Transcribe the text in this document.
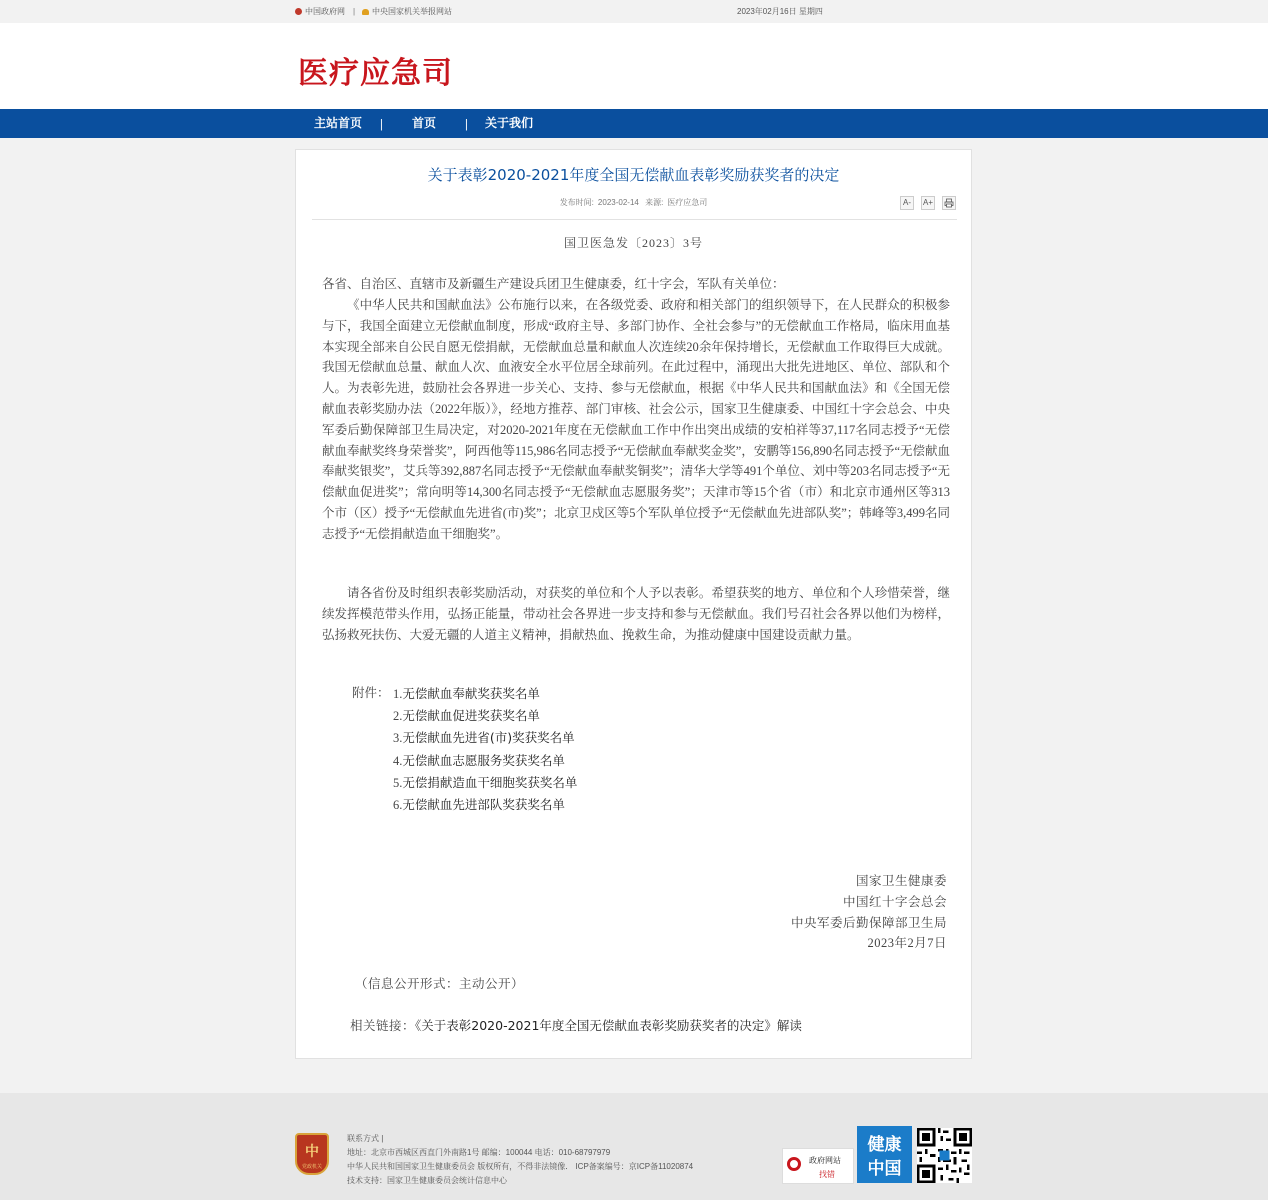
中国政府网 |	中央国家机关举报网站	2023年02月16日 星期四
医疗应急司
主站首页 | 首页 | 关于我们
关于表彰2020-2021年度全国无偿献血表彰奖励获奖者的决定
发布时间: 2023-02-14 来源: 医疗应急司	A-	A+
国卫医急发〔2023〕3号

各省、自治区、直辖市及新疆生产建设兵团卫生健康委，红十字会，军队有关单位：

《中华人民共和国献血法》公布施行以来，在各级党委、政府和相关部门的组织领导下，在人民群众的积极参与下，我国全面建立无偿献血制度，形成“政府主导、多部门协作、全社会参与”的无偿献血工作格局，临床用血基本实现全部来自公民自愿无偿捐献，无偿献血总量和献血人次连续20余年保持增长，无偿献血工作取得巨大成就。我国无偿献血总量、献血人次、血液安全水平位居全球前列。在此过程中，涌现出大批先进地区、单位、部队和个人。为表彰先进，鼓励社会各界进一步关心、支持、参与无偿献血，根据《中华人民共和国献血法》和《全国无偿献血表彰奖励办法（2022年版）》，经地方推荐、部门审核、社会公示，国家卫生健康委、中国红十字会总会、中央军委后勤保障部卫生局决定，对2020-2021年度在无偿献血工作中作出突出成绩的安柏祥等37,117名同志授予“无偿献血奉献奖终身荣誉奖”，阿西他等115,986名同志授予“无偿献血奉献奖金奖”，安鹏等156,890名同志授予“无偿献血奉献奖银奖”，艾兵等392,887名同志授予“无偿献血奉献奖铜奖”；清华大学等491个单位、刘中等203名同志授予“无偿献血促进奖”；常向明等14,300名同志授予“无偿献血志愿服务奖”；天津市等15个省（市）和北京市通州区等313个市（区）授予“无偿献血先进省(市)奖”；北京卫戍区等5个军队单位授予“无偿献血先进部队奖”；韩峰等3,499名同志授予“无偿捐献造血干细胞奖”。

请各省份及时组织表彰奖励活动，对获奖的单位和个人予以表彰。希望获奖的地方、单位和个人珍惜荣誉，继续发挥模范带头作用，弘扬正能量，带动社会各界进一步支持和参与无偿献血。我们号召社会各界以他们为榜样，弘扬救死扶伤、大爱无疆的人道主义精神，捐献热血、挽救生命，为推动健康中国建设贡献力量。

附件： 1.无偿献血奉献奖获奖名单
2.无偿献血促进奖获奖名单
3.无偿献血先进省(市)奖获奖名单
4.无偿献血志愿服务奖获奖名单
5.无偿捐献造血干细胞奖获奖名单
6.无偿献血先进部队奖获奖名单
国家卫生健康委
中国红十字会总会
中央军委后勤保障部卫生局
2023年2月7日
（信息公开形式：主动公开）
相关链接：《关于表彰2020-2021年度全国无偿献血表彰奖励获奖者的决定》解读
中
党政机关
联系方式 |
地址：北京市西城区西直门外南路1号 邮编：100044 电话：010-68797979
中华人民共和国国家卫生健康委员会 版权所有，不得非法镜像． ICP备案编号：京ICP备11020874
技术支持：国家卫生健康委员会统计信息中心
政府网站
找错
健康
中国
